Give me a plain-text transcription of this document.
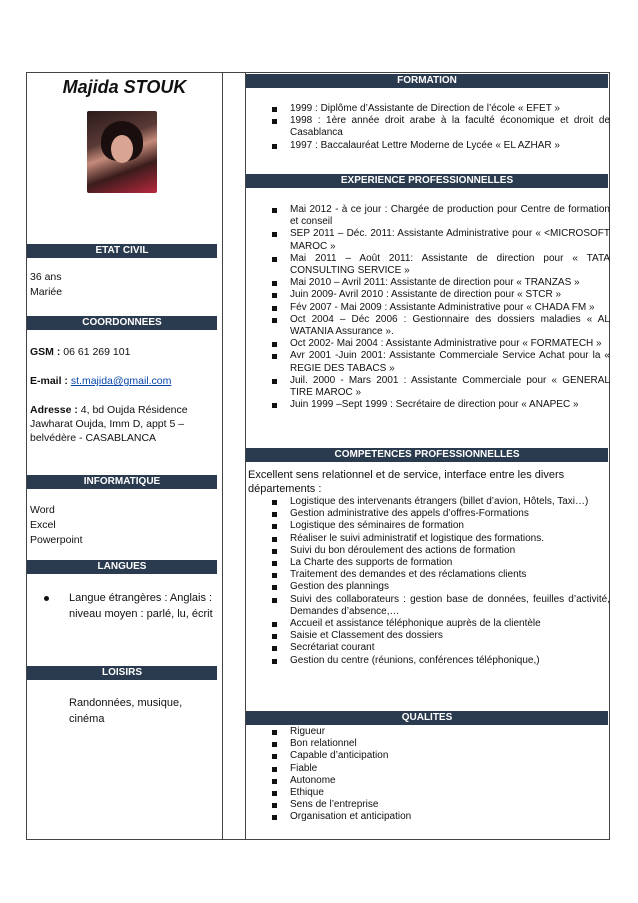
Majida STOUK
ETAT CIVIL
36 ans
Mariée
COORDONNEES
GSM : 06 61 269 101
E-mail : st.majida@gmail.com
Adresse : 4, bd Oujda Résidence Jawharat Oujda, Imm D, appt 5 – belvédère - CASABLANCA
INFORMATIQUE
Word
Excel
Powerpoint
LANGUES
Langue étrangères : Anglais : niveau moyen : parlé, lu, écrit
LOISIRS
Randonnées, musique, cinéma
FORMATION
1999 : Diplôme d’Assistante de Direction de l’école « EFET »
1998 : 1ère année droit arabe à la faculté économique et droit de Casablanca
1997 : Baccalauréat Lettre Moderne de Lycée « EL AZHAR »
EXPERIENCE PROFESSIONNELLES
Mai 2012 - à ce jour : Chargée de production pour Centre de formation et conseil
SEP 2011 – Déc. 2011: Assistante Administrative pour « <MICROSOFT MAROC »
Mai 2011 – Août 2011: Assistante de direction pour « TATA CONSULTING SERVICE »
Mai 2010 – Avril 2011: Assistante de direction pour « TRANZAS »
Juin 2009- Avril 2010 : Assistante de direction pour « STCR »
Fév 2007 - Mai 2009 : Assistante Administrative pour « CHADA FM »
Oct 2004 – Déc 2006 : Gestionnaire des dossiers maladies « AL WATANIA Assurance ».
Oct 2002- Mai 2004 : Assistante Administrative pour « FORMATECH »
Avr 2001 -Juin 2001: Assistante Commerciale Service Achat pour la « REGIE DES TABACS »
Juil. 2000 - Mars 2001 : Assistante Commerciale pour « GENERAL TIRE MAROC »
Juin 1999 –Sept 1999 : Secrétaire de direction pour « ANAPEC »
COMPETENCES PROFESSIONNELLES
Excellent sens relationnel et de service, interface entre les divers départements :
Logistique des intervenants étrangers (billet d’avion, Hôtels, Taxi…)
Gestion administrative des appels d’offres-Formations
Logistique des séminaires de formation
Réaliser le suivi administratif et logistique des formations.
Suivi du bon déroulement des actions de formation
La Charte des supports de formation
Traitement des demandes et des réclamations clients
Gestion des plannings
Suivi des collaborateurs : gestion base de données, feuilles d’activité, Demandes d’absence,…
Accueil et assistance téléphonique auprès de la clientèle
Saisie et Classement des dossiers
Secrétariat courant
Gestion du centre (réunions, conférences téléphonique,)
QUALITES
Rigueur
Bon relationnel
Capable d’anticipation
Fiable
Autonome
Ethique
Sens de l’entreprise
Organisation et anticipation
